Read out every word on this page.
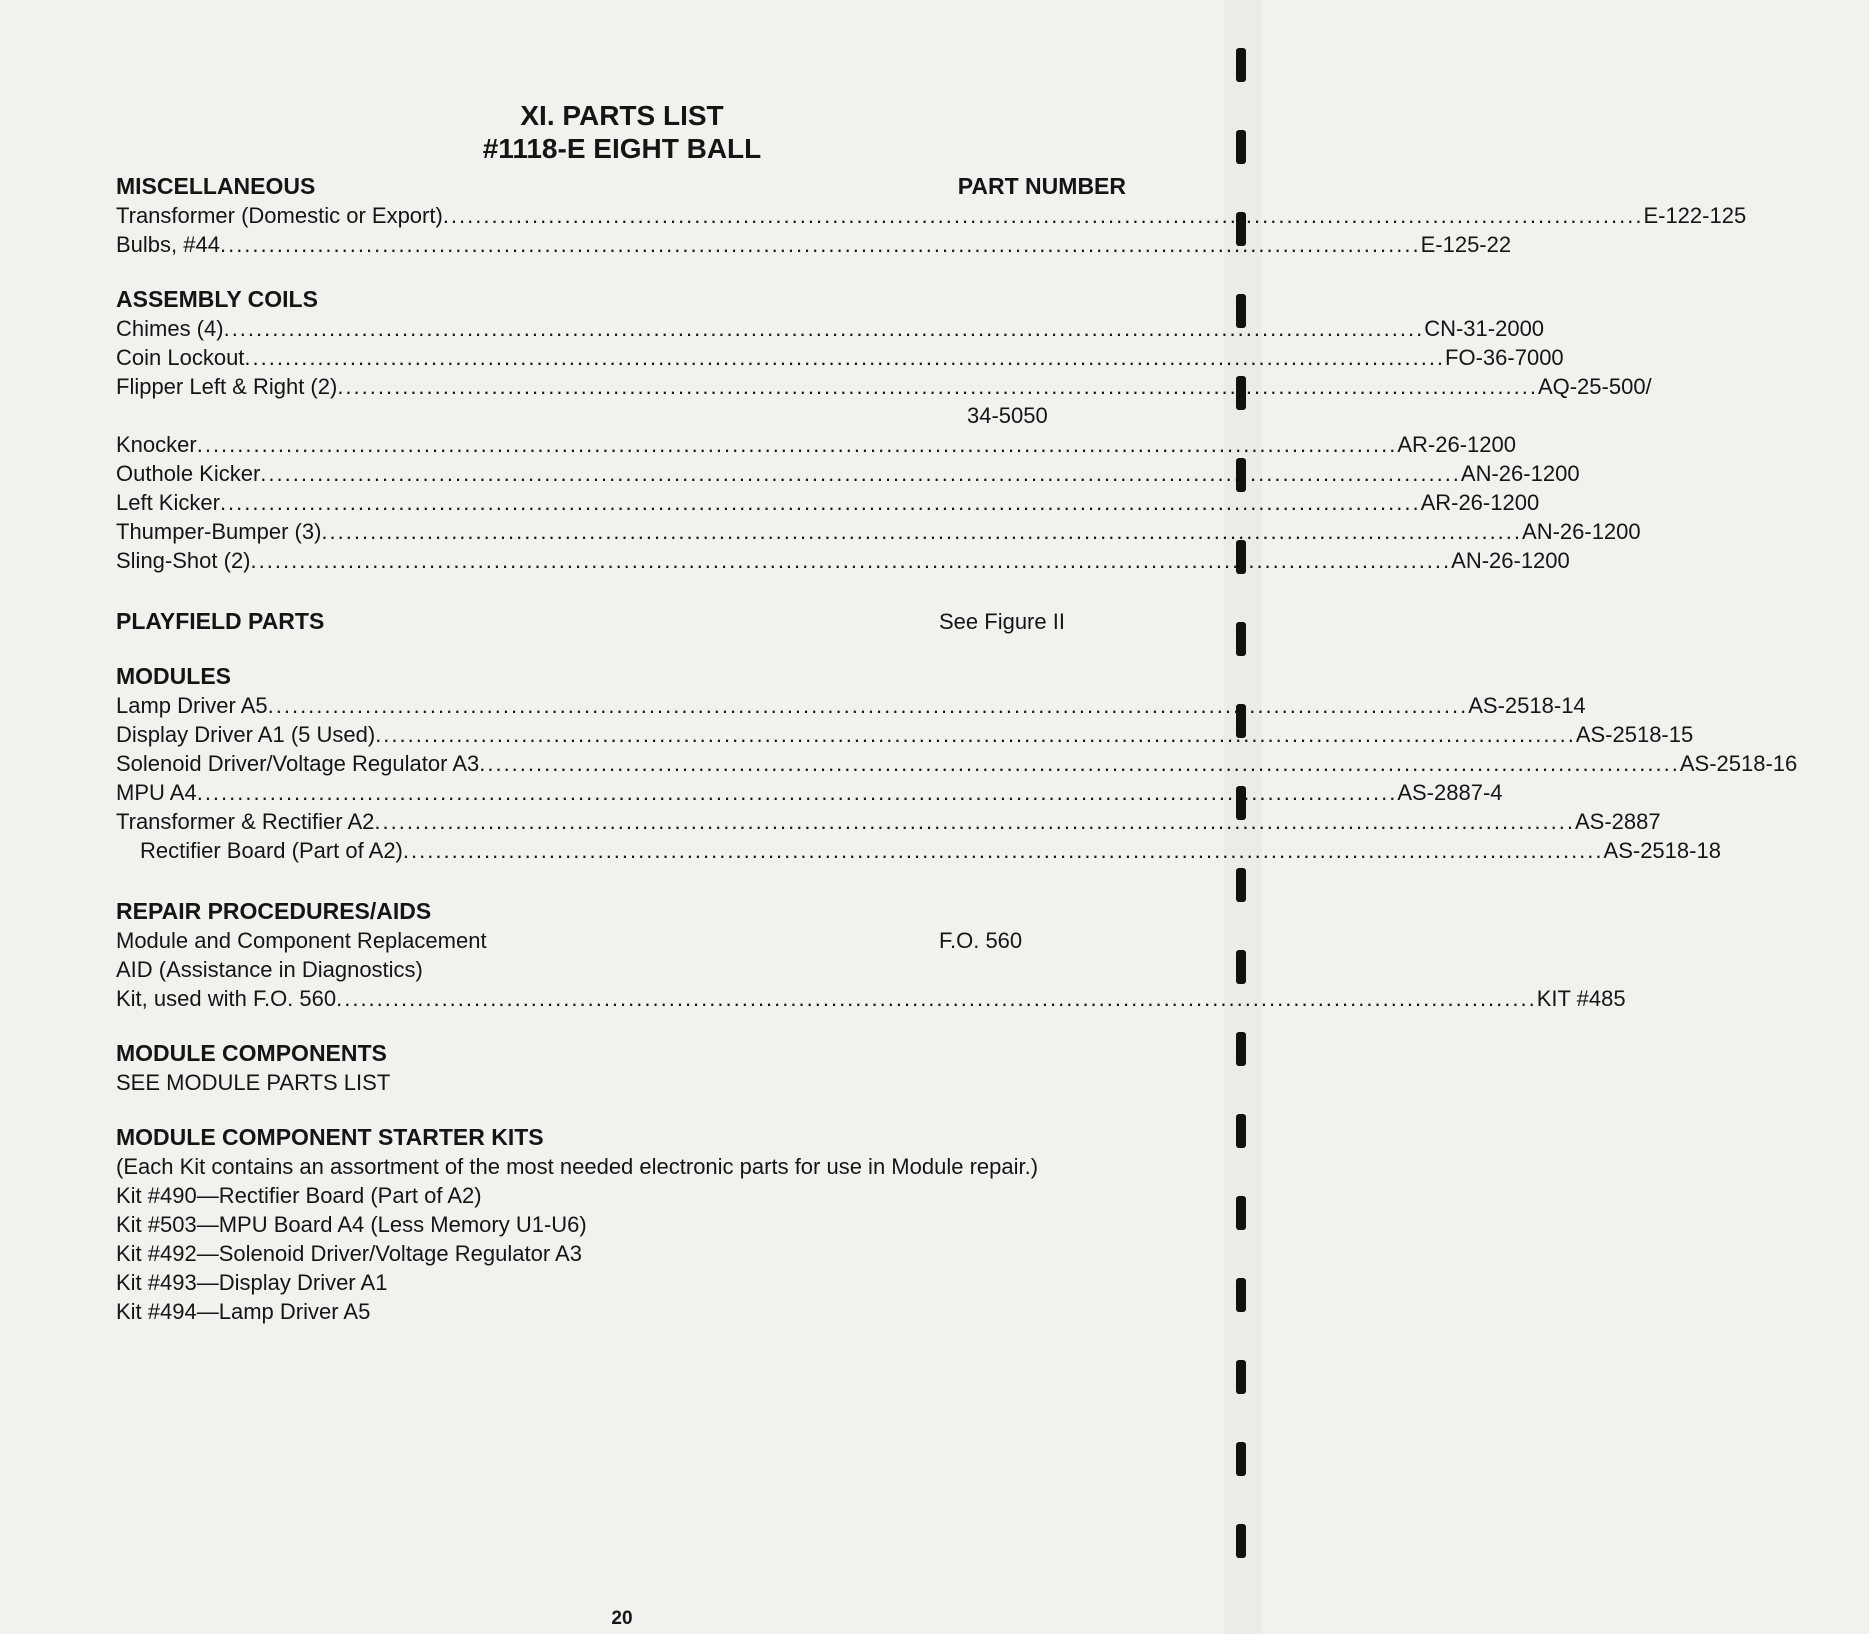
XI. PARTS LIST
#1118-E EIGHT BALL
MISCELLANEOUS	PART NUMBER
Transformer (Domestic or Export) .................................................................................................................................................... E-122-125
Bulbs, #44 .................................................................................................................................................... E-125-22
ASSEMBLY COILS
Chimes (4) .................................................................................................................................................... CN-31-2000
Coin Lockout .................................................................................................................................................... FO-36-7000
Flipper Left & Right (2) .................................................................................................................................................... AQ-25-500/
34-5050
Knocker .................................................................................................................................................... AR-26-1200
Outhole Kicker .................................................................................................................................................... AN-26-1200
Left Kicker .................................................................................................................................................... AR-26-1200
Thumper-Bumper (3) .................................................................................................................................................... AN-26-1200
Sling-Shot (2) .................................................................................................................................................... AN-26-1200
PLAYFIELD PARTS	See Figure II
MODULES
Lamp Driver A5 .................................................................................................................................................... AS-2518-14
Display Driver A1 (5 Used) .................................................................................................................................................... AS-2518-15
Solenoid Driver/Voltage Regulator A3 .................................................................................................................................................... AS-2518-16
MPU A4 .................................................................................................................................................... AS-2887-4
Transformer & Rectifier A2 .................................................................................................................................................... AS-2887
Rectifier Board (Part of A2) .................................................................................................................................................... AS-2518-18
REPAIR PROCEDURES/AIDS
Module and Component Replacement	F.O. 560
AID (Assistance in Diagnostics)
Kit, used with F.O. 560 .................................................................................................................................................... KIT #485
MODULE COMPONENTS
SEE MODULE PARTS LIST
MODULE COMPONENT STARTER KITS
(Each Kit contains an assortment of the most needed electronic parts for use in Module repair.)
Kit #490—Rectifier Board (Part of A2)
Kit #503—MPU Board A4 (Less Memory U1-U6)
Kit #492—Solenoid Driver/Voltage Regulator A3
Kit #493—Display Driver A1
Kit #494—Lamp Driver A5
20
